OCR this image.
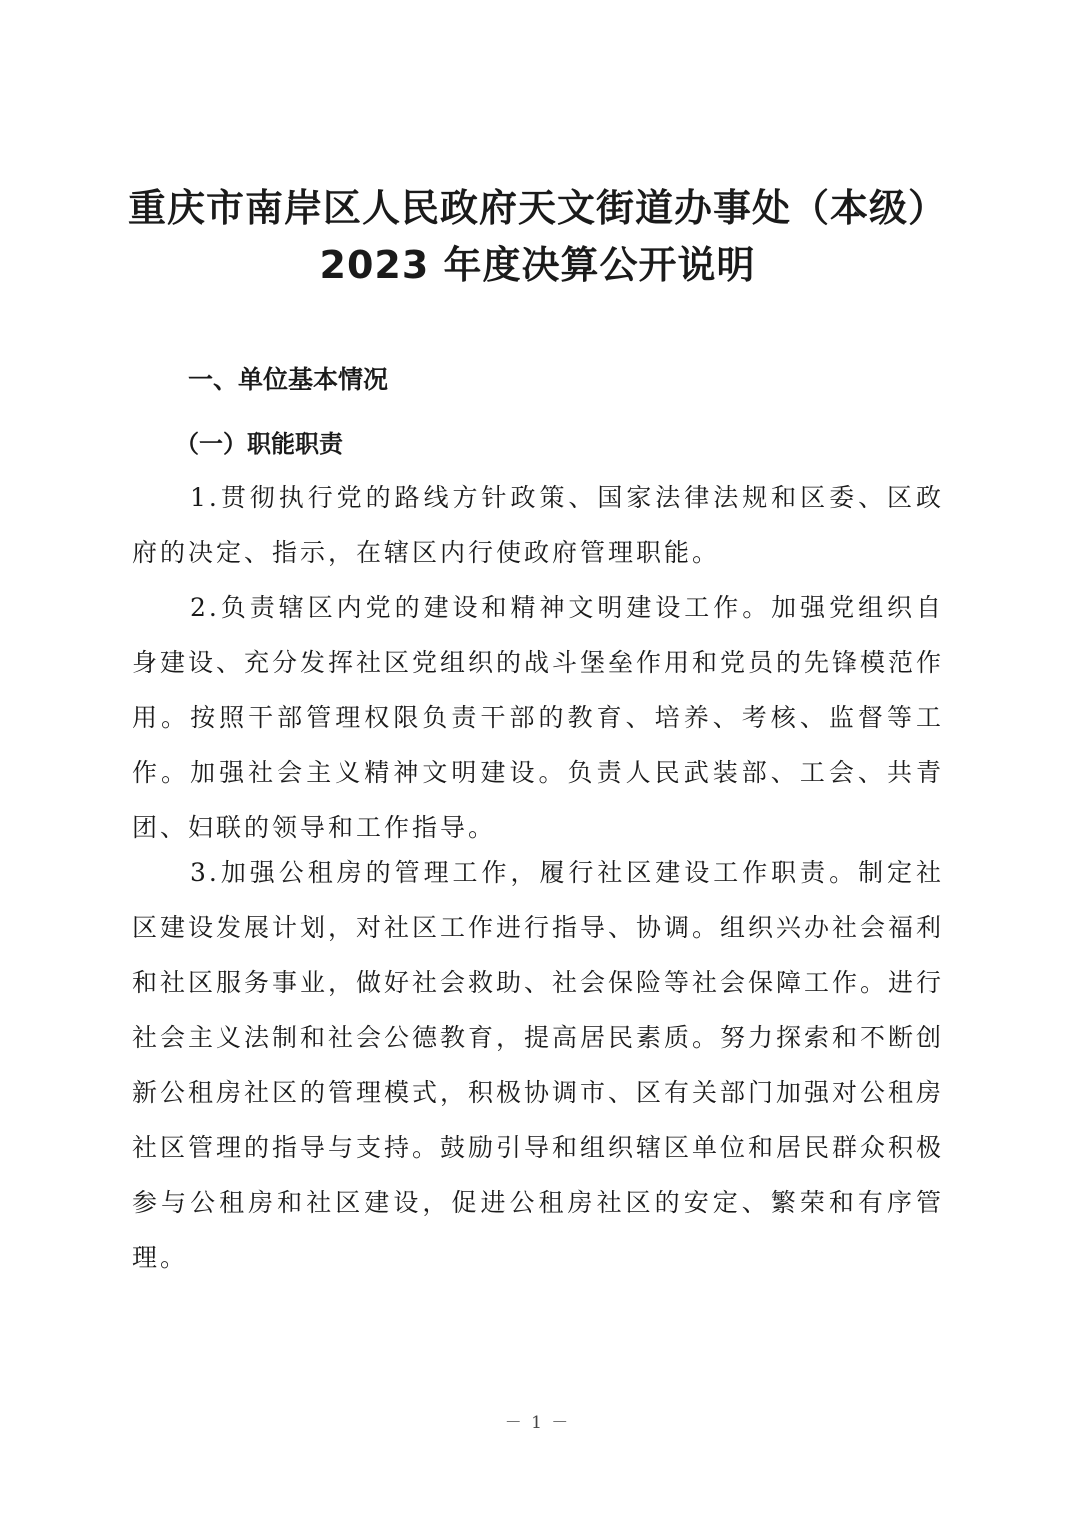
重庆市南岸区人民政府天文街道办事处（本级）
2023 年度决算公开说明
一、单位基本情况
（一）职能职责

1.贯彻执行党的路线方针政策、国家法律法规和区委、区政府的决定、指示，在辖区内行使政府管理职能。

2.负责辖区内党的建设和精神文明建设工作。加强党组织自身建设、充分发挥社区党组织的战斗堡垒作用和党员的先锋模范作用。按照干部管理权限负责干部的教育、培养、考核、监督等工作。加强社会主义精神文明建设。负责人民武装部、工会、共青团、妇联的领导和工作指导。

3.加强公租房的管理工作，履行社区建设工作职责。制定社区建设发展计划，对社区工作进行指导、协调。组织兴办社会福利和社区服务事业，做好社会救助、社会保险等社会保障工作。进行社会主义法制和社会公德教育，提高居民素质。努力探索和不断创新公租房社区的管理模式，积极协调市、区有关部门加强对公租房社区管理的指导与支持。鼓励引导和组织辖区单位和居民群众积极参与公租房和社区建设，促进公租房社区的安定、繁荣和有序管理。

－ 1 －
